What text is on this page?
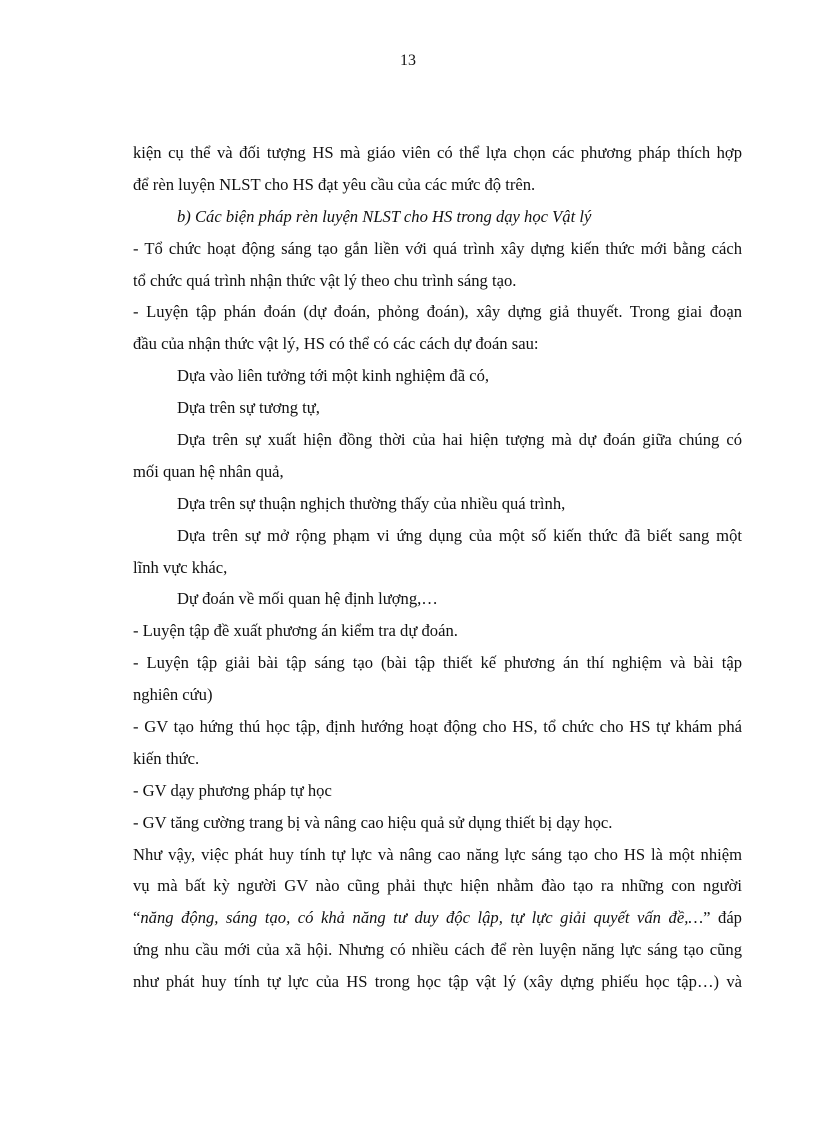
13
kiện cụ thể và đối tượng HS mà giáo viên có thể lựa chọn các phương pháp thích hợp
để rèn luyện NLST cho HS đạt yêu cầu của các mức độ trên.
b) Các biện pháp rèn luyện NLST cho HS trong dạy học Vật lý
- Tổ chức hoạt động sáng tạo gắn liền với quá trình xây dựng kiến thức mới bằng cách
tổ chức quá trình nhận thức vật lý theo chu trình sáng tạo.
- Luyện tập phán đoán (dự đoán, phỏng đoán), xây dựng giả thuyết. Trong giai đoạn
đầu của nhận thức vật lý, HS có thể có các cách dự đoán sau:
Dựa vào liên tưởng tới một kinh nghiệm đã có,
Dựa trên sự tương tự,
Dựa trên sự xuất hiện đồng thời của hai hiện tượng mà dự đoán giữa chúng có
mối quan hệ nhân quả,
Dựa trên sự thuận nghịch thường thấy của nhiều quá trình,
Dựa trên sự mở rộng phạm vi ứng dụng của một số kiến thức đã biết sang một
lĩnh vực khác,
Dự đoán về mối quan hệ định lượng,…
- Luyện tập đề xuất phương án kiểm tra dự đoán.
- Luyện tập giải bài tập sáng tạo (bài tập thiết kế phương án thí nghiệm và bài tập
nghiên cứu)
- GV tạo hứng thú học tập, định hướng hoạt động cho HS, tổ chức cho HS tự khám phá
kiến thức.
- GV dạy phương pháp tự học
- GV tăng cường trang bị và nâng cao hiệu quả sử dụng thiết bị dạy học.
Như vậy, việc phát huy tính tự lực và nâng cao năng lực sáng tạo cho HS là một nhiệm
vụ mà bất kỳ người GV nào cũng phải thực hiện nhằm đào tạo ra những con người
“năng động, sáng tạo, có khả năng tư duy độc lập, tự lực giải quyết vấn đề,…” đáp
ứng nhu cầu mới của xã hội. Nhưng có nhiều cách để rèn luyện năng lực sáng tạo cũng
như phát huy tính tự lực của HS trong học tập vật lý (xây dựng phiếu học tập…) và
